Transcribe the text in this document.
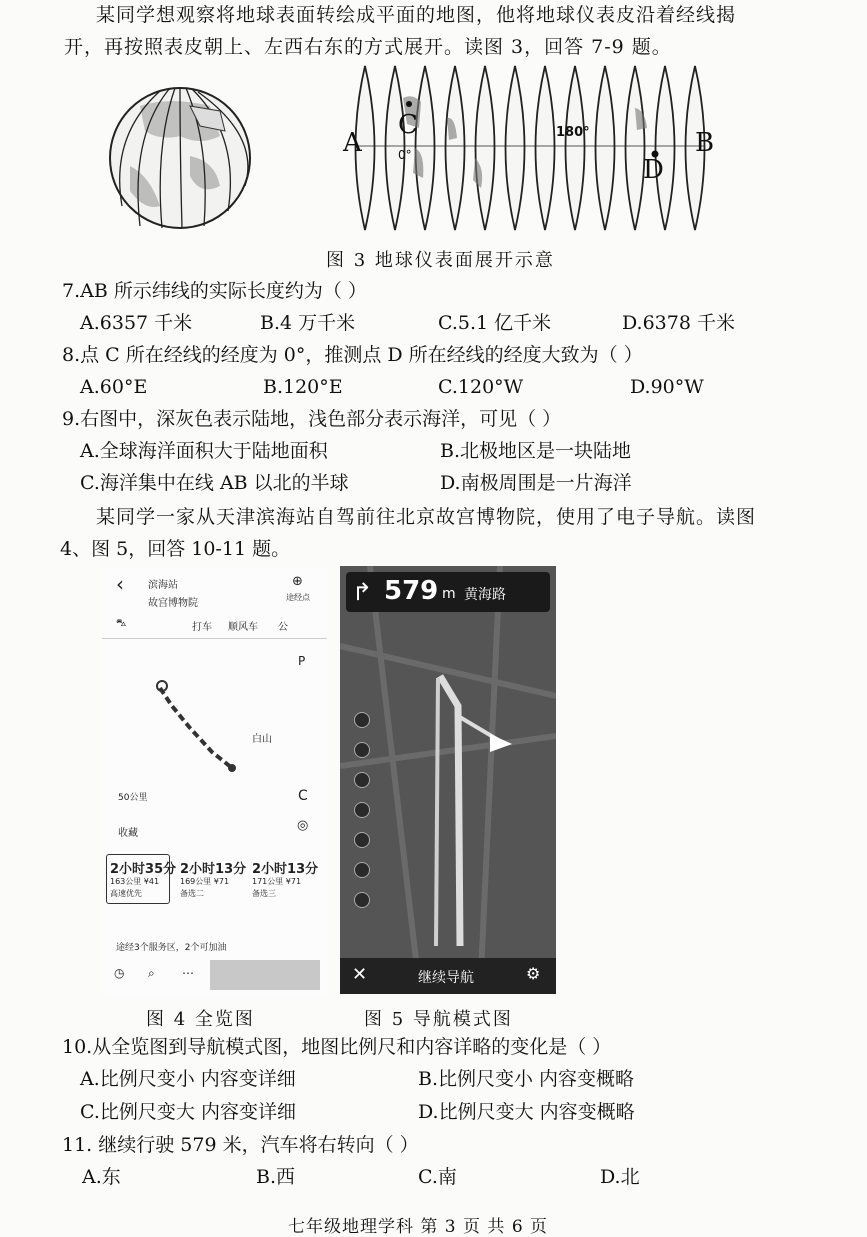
某同学想观察将地球表面转绘成平面的地图，他将地球仪表皮沿着经线揭
开，再按照表皮朝上、左西右东的方式展开。读图 3，回答 7-9 题。
A	B
C
D
0°
180°
图 3 地球仪表面展开示意
7.AB 所示纬线的实际长度约为（ ）
A.6357 千米	B.4 万千米	C.5.1 亿千米	D.6378 千米
8.点 C 所在经线的经度为 0°，推测点 D 所在经线的经度大致为（ ）
A.60°E	B.120°E	C.120°W	D.90°W
9.右图中，深灰色表示陆地，浅色部分表示海洋，可见（ ）
A.全球海洋面积大于陆地面积	B.北极地区是一块陆地
C.海洋集中在线 AB 以北的半球	D.南极周围是一片海洋
某同学一家从天津滨海站自驾前往北京故宫博物院，使用了电子导航。读图
4、图 5，回答 10-11 题。
‹ 滨海站
故宫博物院
⊕
途经点
⛍	打车 顺风车 公
白山
50公里
收藏
P
C
◎
2小时35分
163公里 ¥41
高速优先
2小时13分
169公里 ¥71
备选二
2小时13分
171公里 ¥71
备选三
途经3个服务区，2个可加油
◷ ⌕ ⋯
图 4 全览图
↱ 579 m 黄海路
✕	继续导航	⚙
图 5 导航模式图
10.从全览图到导航模式图，地图比例尺和内容详略的变化是（ ）
A.比例尺变小 内容变详细	B.比例尺变小 内容变概略
C.比例尺变大 内容变详细	D.比例尺变大 内容变概略
11. 继续行驶 579 米，汽车将右转向（ ）
A.东	B.西	C.南	D.北
七年级地理学科 第 3 页 共 6 页
